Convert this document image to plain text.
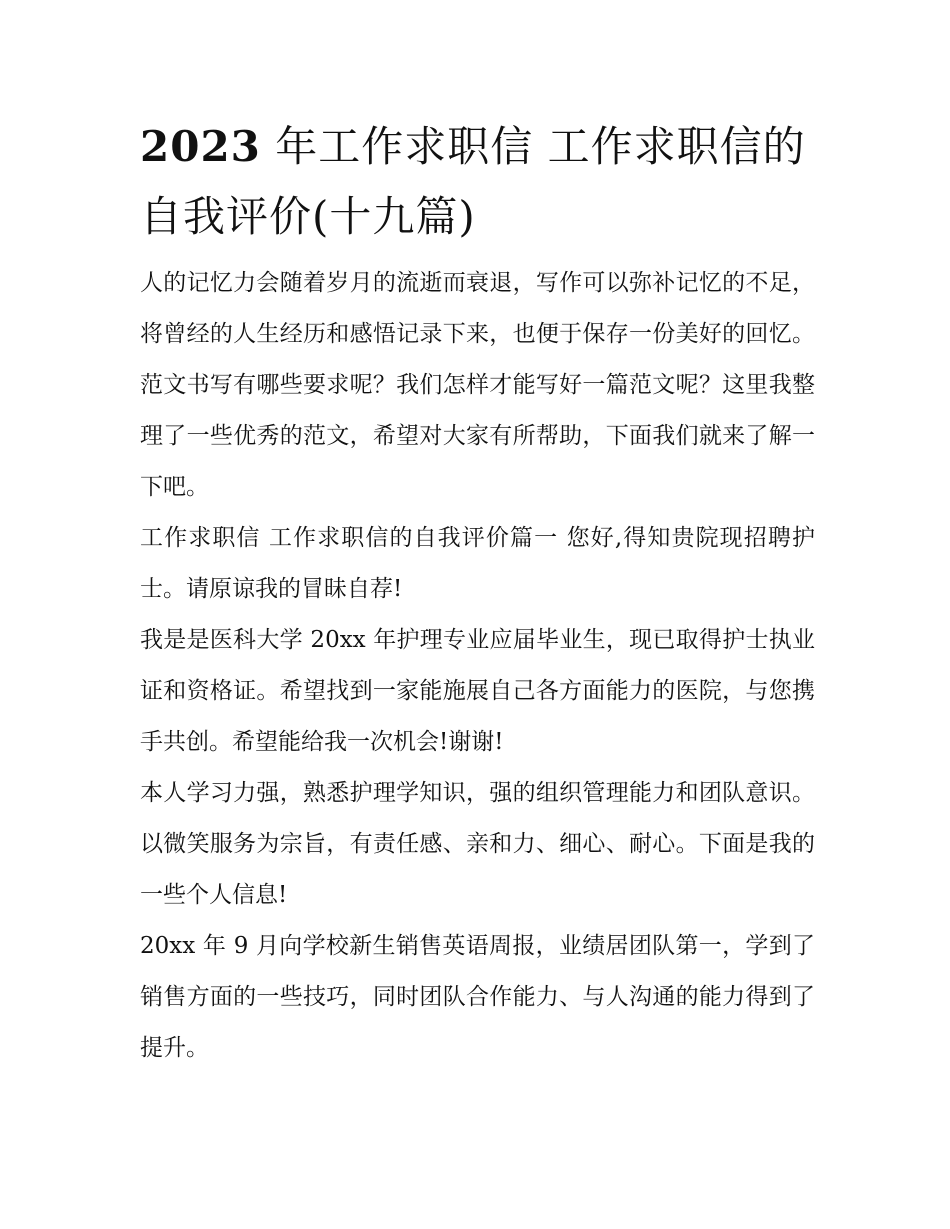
2023 年工作求职信 工作求职信的自我评价(十九篇)

人的记忆力会随着岁月的流逝而衰退，写作可以弥补记忆的不足，将曾经的人生经历和感悟记录下来，也便于保存一份美好的回忆。范文书写有哪些要求呢？我们怎样才能写好一篇范文呢？这里我整理了一些优秀的范文，希望对大家有所帮助，下面我们就来了解一下吧。

工作求职信 工作求职信的自我评价篇一 您好,得知贵院现招聘护士。请原谅我的冒昧自荐!

我是是医科大学 20xx 年护理专业应届毕业生，现已取得护士执业证和资格证。希望找到一家能施展自己各方面能力的医院，与您携手共创。希望能给我一次机会!谢谢!

本人学习力强，熟悉护理学知识，强的组织管理能力和团队意识。以微笑服务为宗旨，有责任感、亲和力、细心、耐心。下面是我的一些个人信息!

20xx 年 9 月向学校新生销售英语周报，业绩居团队第一，学到了销售方面的一些技巧，同时团队合作能力、与人沟通的能力得到了提升。
